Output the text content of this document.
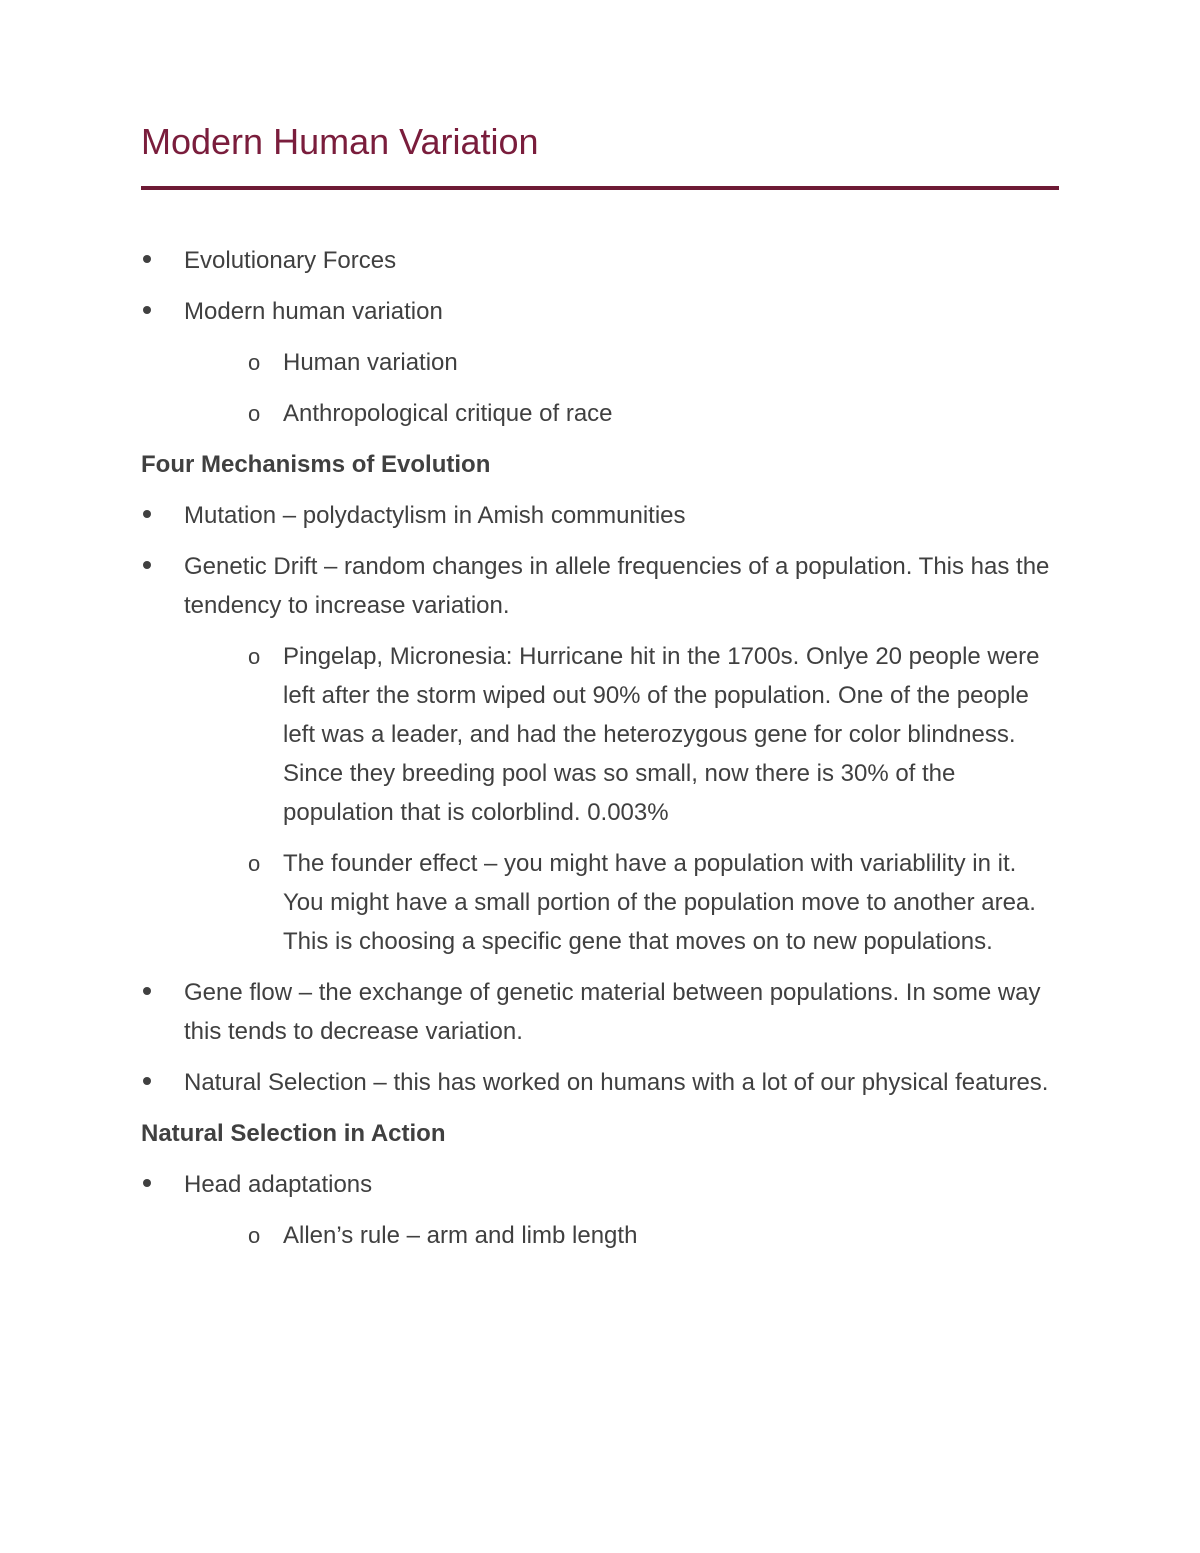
Modern Human Variation
Evolutionary Forces
Modern human variation
o Human variation
o Anthropological critique of race
Four Mechanisms of Evolution
Mutation – polydactylism in Amish communities
Genetic Drift – random changes in allele frequencies of a population. This has the tendency to increase variation.
o Pingelap, Micronesia: Hurricane hit in the 1700s. Onlye 20 people were left after the storm wiped out 90% of the population. One of the people left was a leader, and had the heterozygous gene for color blindness. Since they breeding pool was so small, now there is 30% of the population that is colorblind. 0.003%
o The founder effect – you might have a population with variablility in it. You might have a small portion of the population move to another area. This is choosing a specific gene that moves on to new populations.
Gene flow – the exchange of genetic material between populations. In some way this tends to decrease variation.
Natural Selection – this has worked on humans with a lot of our physical features.
Natural Selection in Action
Head adaptations
o Allen’s rule – arm and limb length
